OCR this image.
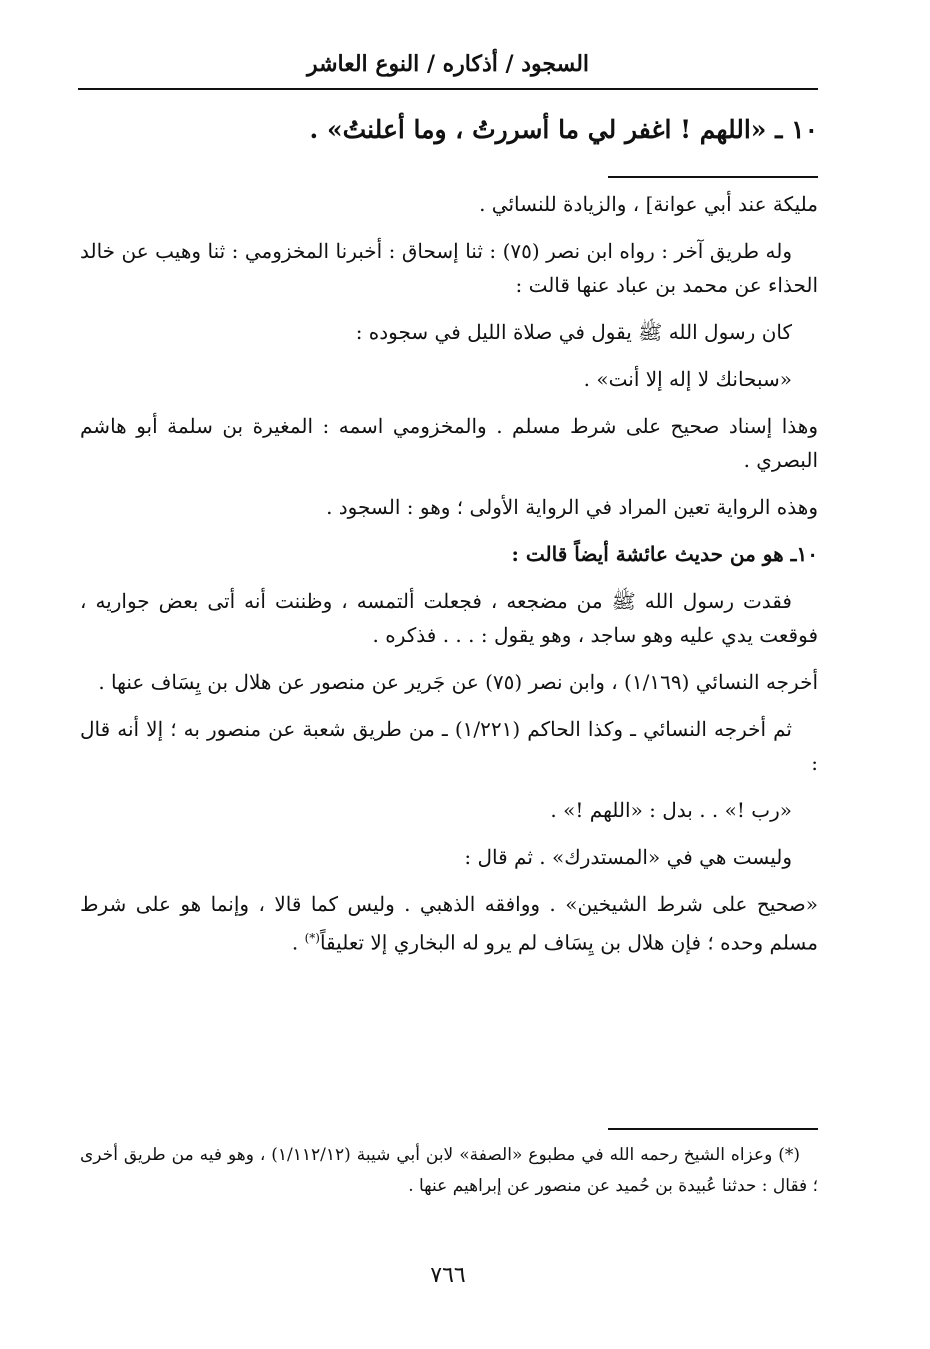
السجود / أذكاره / النوع العاشر
١٠ ـ «اللهم ! اغفر لي ما أسررتُ ، وما أعلنتُ» .

مليكة عند أبي عوانة] ، والزيادة للنسائي .

وله طريق آخر : رواه ابن نصر (٧٥) : ثنا إسحاق : أخبرنا المخزومي : ثنا وهيب عن خالد الحذاء عن محمد بن عباد عنها قالت :

كان رسول الله ﷺ يقول في صلاة الليل في سجوده :

«سبحانك لا إله إلا أنت» .

وهذا إسناد صحيح على شرط مسلم . والمخزومي اسمه : المغيرة بن سلمة أبو هاشم البصري .

وهذه الرواية تعين المراد في الرواية الأولى ؛ وهو : السجود .

١٠ـ هو من حديث عائشة أيضاً قالت :

فقدت رسول الله ﷺ من مضجعه ، فجعلت ألتمسه ، وظننت أنه أتى بعض جواريه ، فوقعت يدي عليه وهو ساجد ، وهو يقول : . . . فذكره .

أخرجه النسائي (١/١٦٩) ، وابن نصر (٧٥) عن جَرير عن منصور عن هلال بن يِسَاف عنها .

ثم أخرجه النسائي ـ وكذا الحاكم (١/٢٢١) ـ من طريق شعبة عن منصور به ؛ إلا أنه قال :

«رب !» . . بدل : «اللهم !» .

وليست هي في «المستدرك» . ثم قال :

«صحيح على شرط الشيخين» . ووافقه الذهبي . وليس كما قالا ، وإنما هو على شرط مسلم وحده ؛ فإن هلال بن يِسَاف لم يرو له البخاري إلا تعليقاً(*) .

(*) وعزاه الشيخ رحمه الله في مطبوع «الصفة» لابن أبي شيبة (١/١١٢/١٢) ، وهو فيه من طريق أخرى ؛ فقال : حدثنا عُبيدة بن حُميد عن منصور عن إبراهيم عنها .

٧٦٦
